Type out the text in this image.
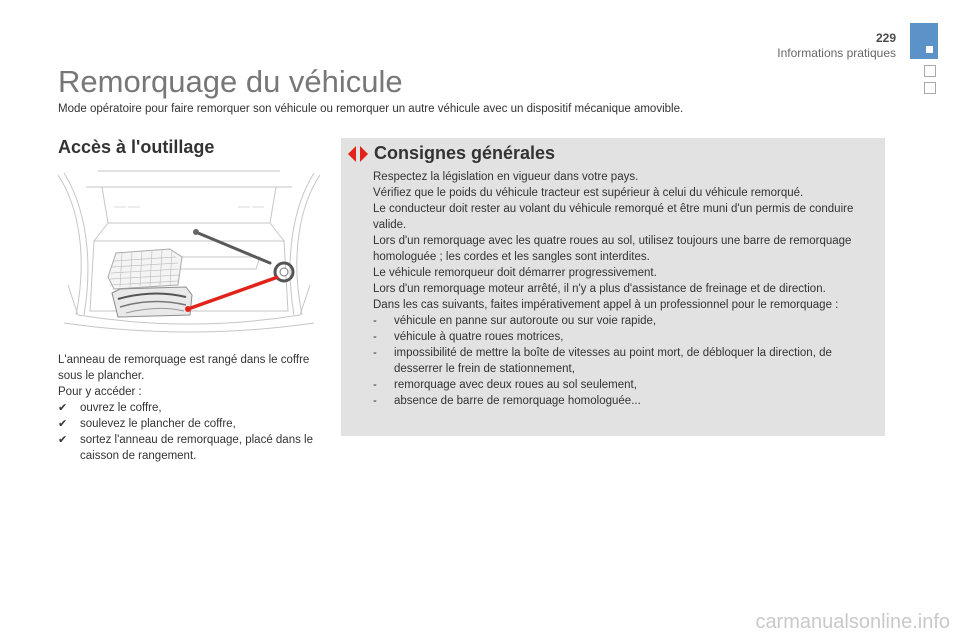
229
Informations pratiques
Remorquage du véhicule

Mode opératoire pour faire remorquer son véhicule ou remorquer un autre véhicule avec un dispositif mécanique amovible.

Accès à l'outillage

L'anneau de remorquage est rangé dans le coffre sous le plancher.

Pour y accéder :

✔ ouvrez le coffre,
✔ soulevez le plancher de coffre,
✔ sortez l'anneau de remorquage, placé dans le caisson de rangement.
Consignes générales

Respectez la législation en vigueur dans votre pays.

Vérifiez que le poids du véhicule tracteur est supérieur à celui du véhicule remorqué.

Le conducteur doit rester au volant du véhicule remorqué et être muni d'un permis de conduire valide.

Lors d'un remorquage avec les quatre roues au sol, utilisez toujours une barre de remorquage homologuée ; les cordes et les sangles sont interdites.

Le véhicule remorqueur doit démarrer progressivement.

Lors d'un remorquage moteur arrêté, il n'y a plus d'assistance de freinage et de direction.

Dans les cas suivants, faites impérativement appel à un professionnel pour le remorquage :

- véhicule en panne sur autoroute ou sur voie rapide,
- véhicule à quatre roues motrices,
- impossibilité de mettre la boîte de vitesses au point mort, de débloquer la direction, de desserrer le frein de stationnement,
- remorquage avec deux roues au sol seulement,
- absence de barre de remorquage homologuée...
carmanualsonline.info
